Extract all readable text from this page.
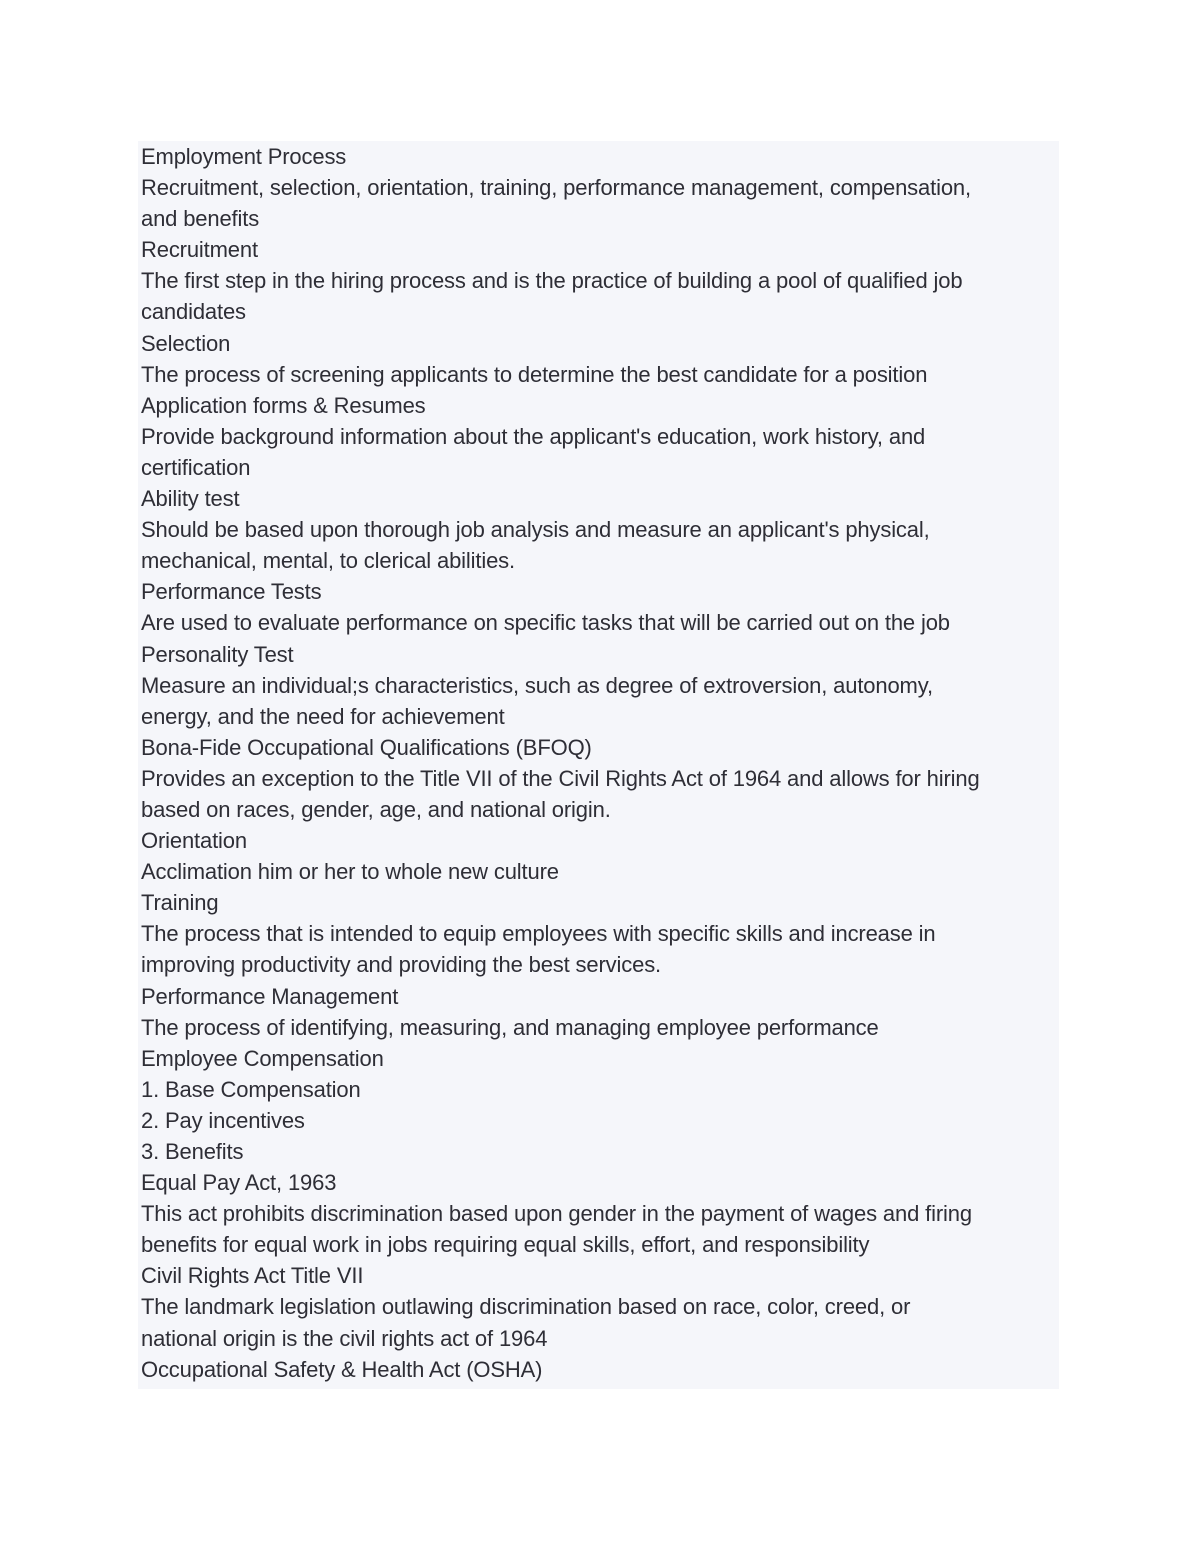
Employment Process

Recruitment, selection, orientation, training, performance management, compensation,

and benefits

Recruitment

The first step in the hiring process and is the practice of building a pool of qualified job

candidates

Selection

The process of screening applicants to determine the best candidate for a position

Application forms & Resumes

Provide background information about the applicant's education, work history, and

certification

Ability test

Should be based upon thorough job analysis and measure an applicant's physical,

mechanical, mental, to clerical abilities.

Performance Tests

Are used to evaluate performance on specific tasks that will be carried out on the job

Personality Test

Measure an individual;s characteristics, such as degree of extroversion, autonomy,

energy, and the need for achievement

Bona-Fide Occupational Qualifications (BFOQ)

Provides an exception to the Title VII of the Civil Rights Act of 1964 and allows for hiring

based on races, gender, age, and national origin.

Orientation

Acclimation him or her to whole new culture

Training

The process that is intended to equip employees with specific skills and increase in

improving productivity and providing the best services.

Performance Management

The process of identifying, measuring, and managing employee performance

Employee Compensation

1. Base Compensation

2. Pay incentives

3. Benefits

Equal Pay Act, 1963

This act prohibits discrimination based upon gender in the payment of wages and firing

benefits for equal work in jobs requiring equal skills, effort, and responsibility

Civil Rights Act Title VII

The landmark legislation outlawing discrimination based on race, color, creed, or

national origin is the civil rights act of 1964

Occupational Safety & Health Act (OSHA)
